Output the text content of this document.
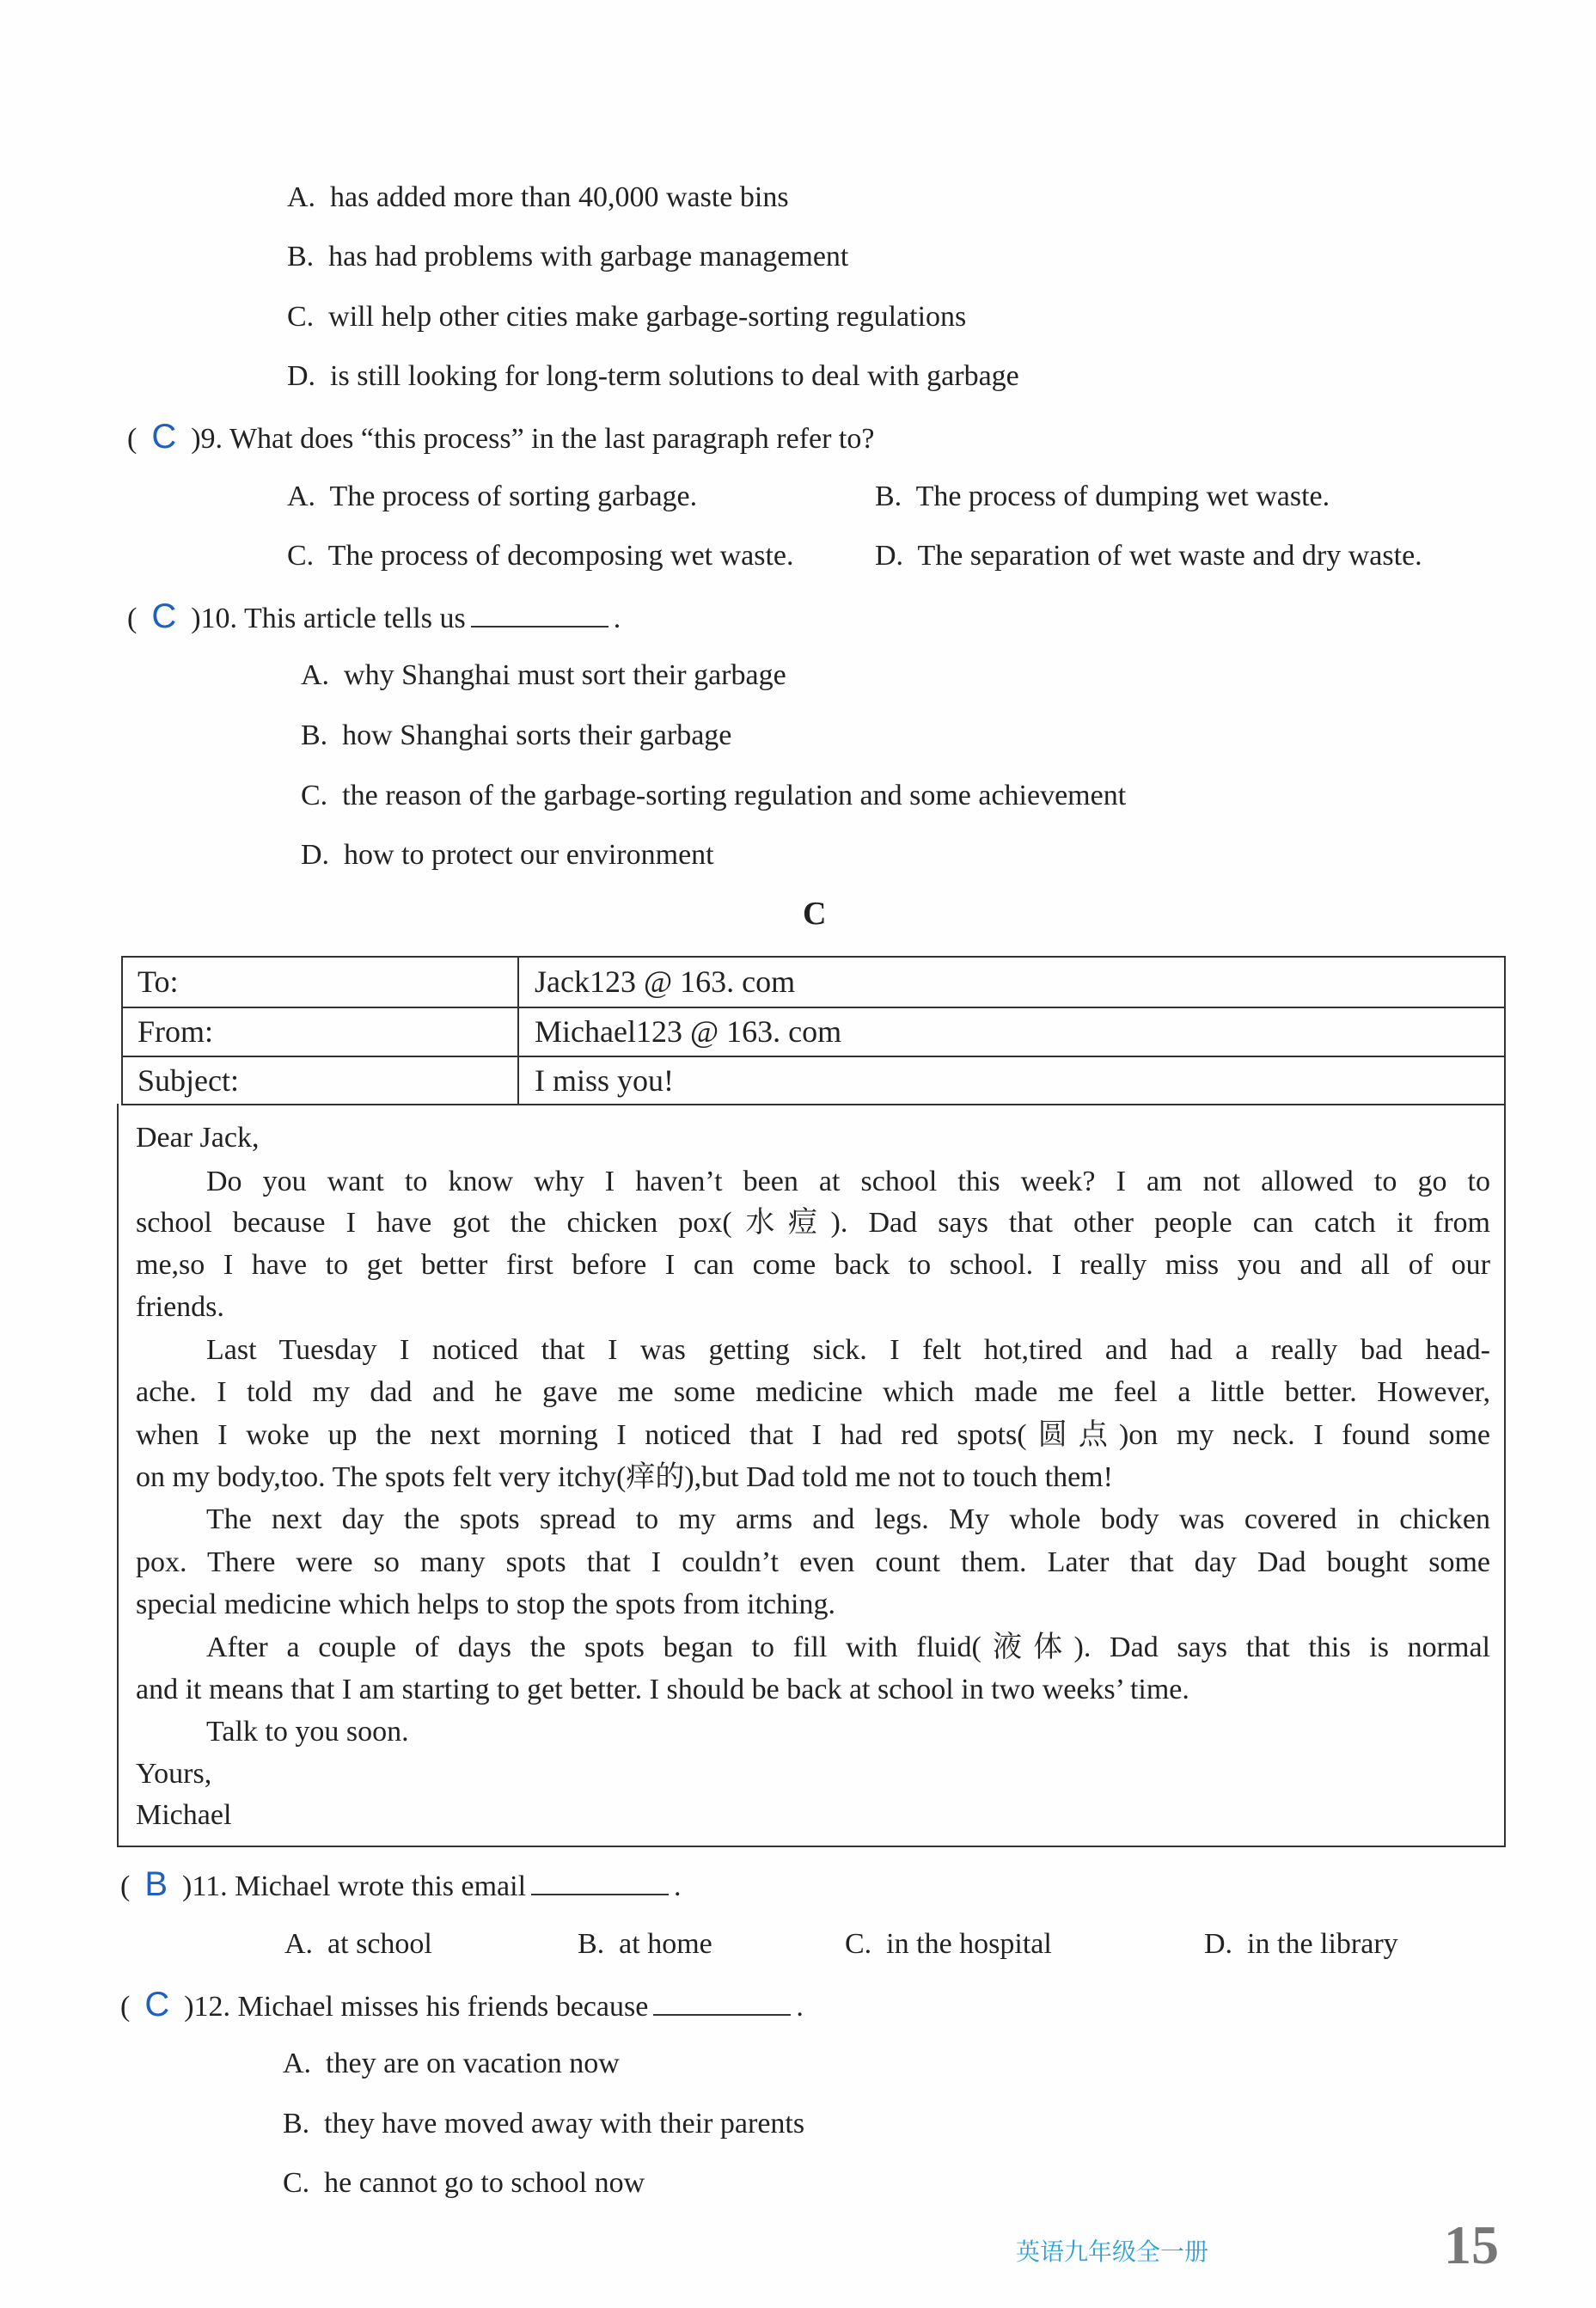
A.  has added more than 40,000 waste bins
B.  has had problems with garbage management
C.  will help other cities make garbage-sorting regulations
D.  is still looking for long-term solutions to deal with garbage
(  C )9. What does “this process” in the last paragraph refer to?
A.  The process of sorting garbage.	B.  The process of dumping wet waste.
C.  The process of decomposing wet waste.	D.  The separation of wet waste and dry waste.
(  C )10. This article tells us	.
A.  why Shanghai must sort their garbage
B.  how Shanghai sorts their garbage
C.  the reason of the garbage-sorting regulation and some achievement
D.  how to protect our environment
C
To:	Jack123 @ 163. com
From:	Michael123 @ 163. com
Subject:	I miss you!
Dear Jack,
Do you want to know why I haven’t been at school this week? I am not allowed to go to
school because I have got the chicken pox(水痘). Dad says that other people can catch it from
me,so I have to get better first before I can come back to school. I really miss you and all of our
friends.
Last Tuesday I noticed that I was getting sick. I felt hot,tired and had a really bad head-
ache. I told my dad and he gave me some medicine which made me feel a little better. However,
when I woke up the next morning I noticed that I had red spots(圆点)on my neck. I found some
on my body,too. The spots felt very itchy(痒的),but Dad told me not to touch them!
The next day the spots spread to my arms and legs. My whole body was covered in chicken
pox. There were so many spots that I couldn’t even count them. Later that day Dad bought some
special medicine which helps to stop the spots from itching.
After a couple of days the spots began to fill with fluid(液体). Dad says that this is normal
and it means that I am starting to get better. I should be back at school in two weeks’ time.
Talk to you soon.
Yours,
Michael
(  B )11. Michael wrote this email	.
A.  at school	B.  at home	C.  in the hospital	D.  in the library
(  C )12. Michael misses his friends because	.
A.  they are on vacation now
B.  they have moved away with their parents
C.  he cannot go to school now
英语九年级全一册	15
